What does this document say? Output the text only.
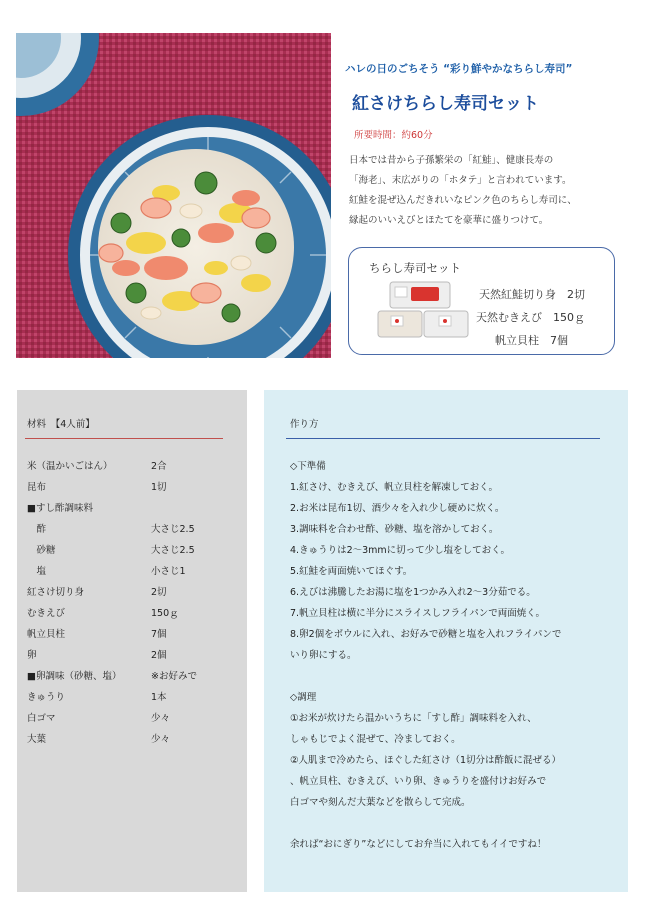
ハレの日のごちそう “彩り鮮やかなちらし寿司”
紅さけちらし寿司セット
所要時間：約60分
日本では昔から子孫繁栄の「紅鮭」、健康長寿の
「海老」、末広がりの「ホタテ」と言われています。
紅鮭を混ぜ込んだきれいなピンク色のちらし寿司に、
縁起のいいえびとほたてを豪華に盛りつけて。
ちらし寿司セット
天然紅鮭切り身　2切
天然むきえび　150ｇ
帆立貝柱　7個
材料　【4人前】
米（温かいごはん）	2合
昆布	1切
■すし酢調味料
　酢	大さじ2.5
　砂糖	大さじ2.5
　塩	小さじ1
紅さけ切り身	2切
むきえび	150ｇ
帆立貝柱	7個
卵	2個
■卵調味（砂糖、塩）	※お好みで
きゅうり	1本
白ゴマ	少々
大葉	少々
作り方
◇下準備
1.紅さけ、むきえび、帆立貝柱を解凍しておく。
2.お米は昆布1切、酒少々を入れ少し硬めに炊く。
3.調味料を合わせ酢、砂糖、塩を溶かしておく。
4.きゅうりは2～3mmに切って少し塩をしておく。
5.紅鮭を両面焼いてほぐす。
6.えびは沸騰したお湯に塩を1つかみ入れ2～3分茹でる。
7.帆立貝柱は横に半分にスライスしフライパンで両面焼く。
8.卵2個をボウルに入れ、お好みで砂糖と塩を入れフライパンで
いり卵にする。
◇調理
①お米が炊けたら温かいうちに「すし酢」調味料を入れ、
しゃもじでよく混ぜて、冷ましておく。
②人肌まで冷めたら、ほぐした紅さけ（1切分は酢飯に混ぜる）
、帆立貝柱、むきえび、いり卵、きゅうりを盛付けお好みで
白ゴマや刻んだ大葉などを散らして完成。
余れば“おにぎり”などにしてお弁当に入れてもイイですね！
